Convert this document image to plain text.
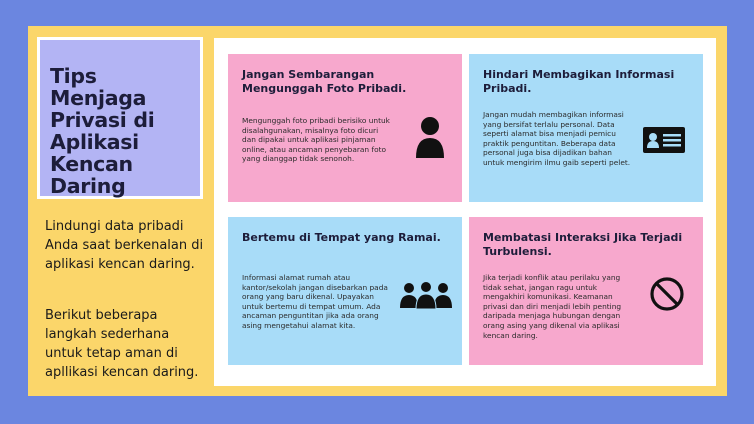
Tips Menjaga Privasi di Aplikasi Kencan Daring

Lindungi data pribadi Anda saat berkenalan di aplikasi kencan daring.

Berikut beberapa langkah sederhana untuk tetap aman di apllikasi kencan daring.

Jangan Sembarangan Mengunggah Foto Pribadi.

Mengunggah foto pribadi berisiko untuk disalahgunakan, misalnya foto dicuri dan dipakai untuk aplikasi pinjaman online, atau ancaman penyebaran foto yang dianggap tidak senonoh.

Hindari Membagikan Informasi Pribadi.

Jangan mudah membagikan informasi yang bersifat terlalu personal. Data seperti alamat bisa menjadi pemicu praktik penguntitan. Beberapa data personal juga bisa dijadikan bahan untuk mengirim ilmu gaib seperti pelet.

Bertemu di Tempat yang Ramai.

Informasi alamat rumah atau kantor/sekolah jangan disebarkan pada orang yang baru dikenal. Upayakan untuk bertemu di tempat umum. Ada ancaman penguntitan jika ada orang asing mengetahui alamat kita.

Membatasi Interaksi Jika Terjadi Turbulensi.

Jika terjadi konflik atau perilaku yang tidak sehat, jangan ragu untuk mengakhiri komunikasi. Keamanan privasi dan diri menjadi lebih penting daripada menjaga hubungan dengan orang asing yang dikenal via aplikasi kencan daring.
